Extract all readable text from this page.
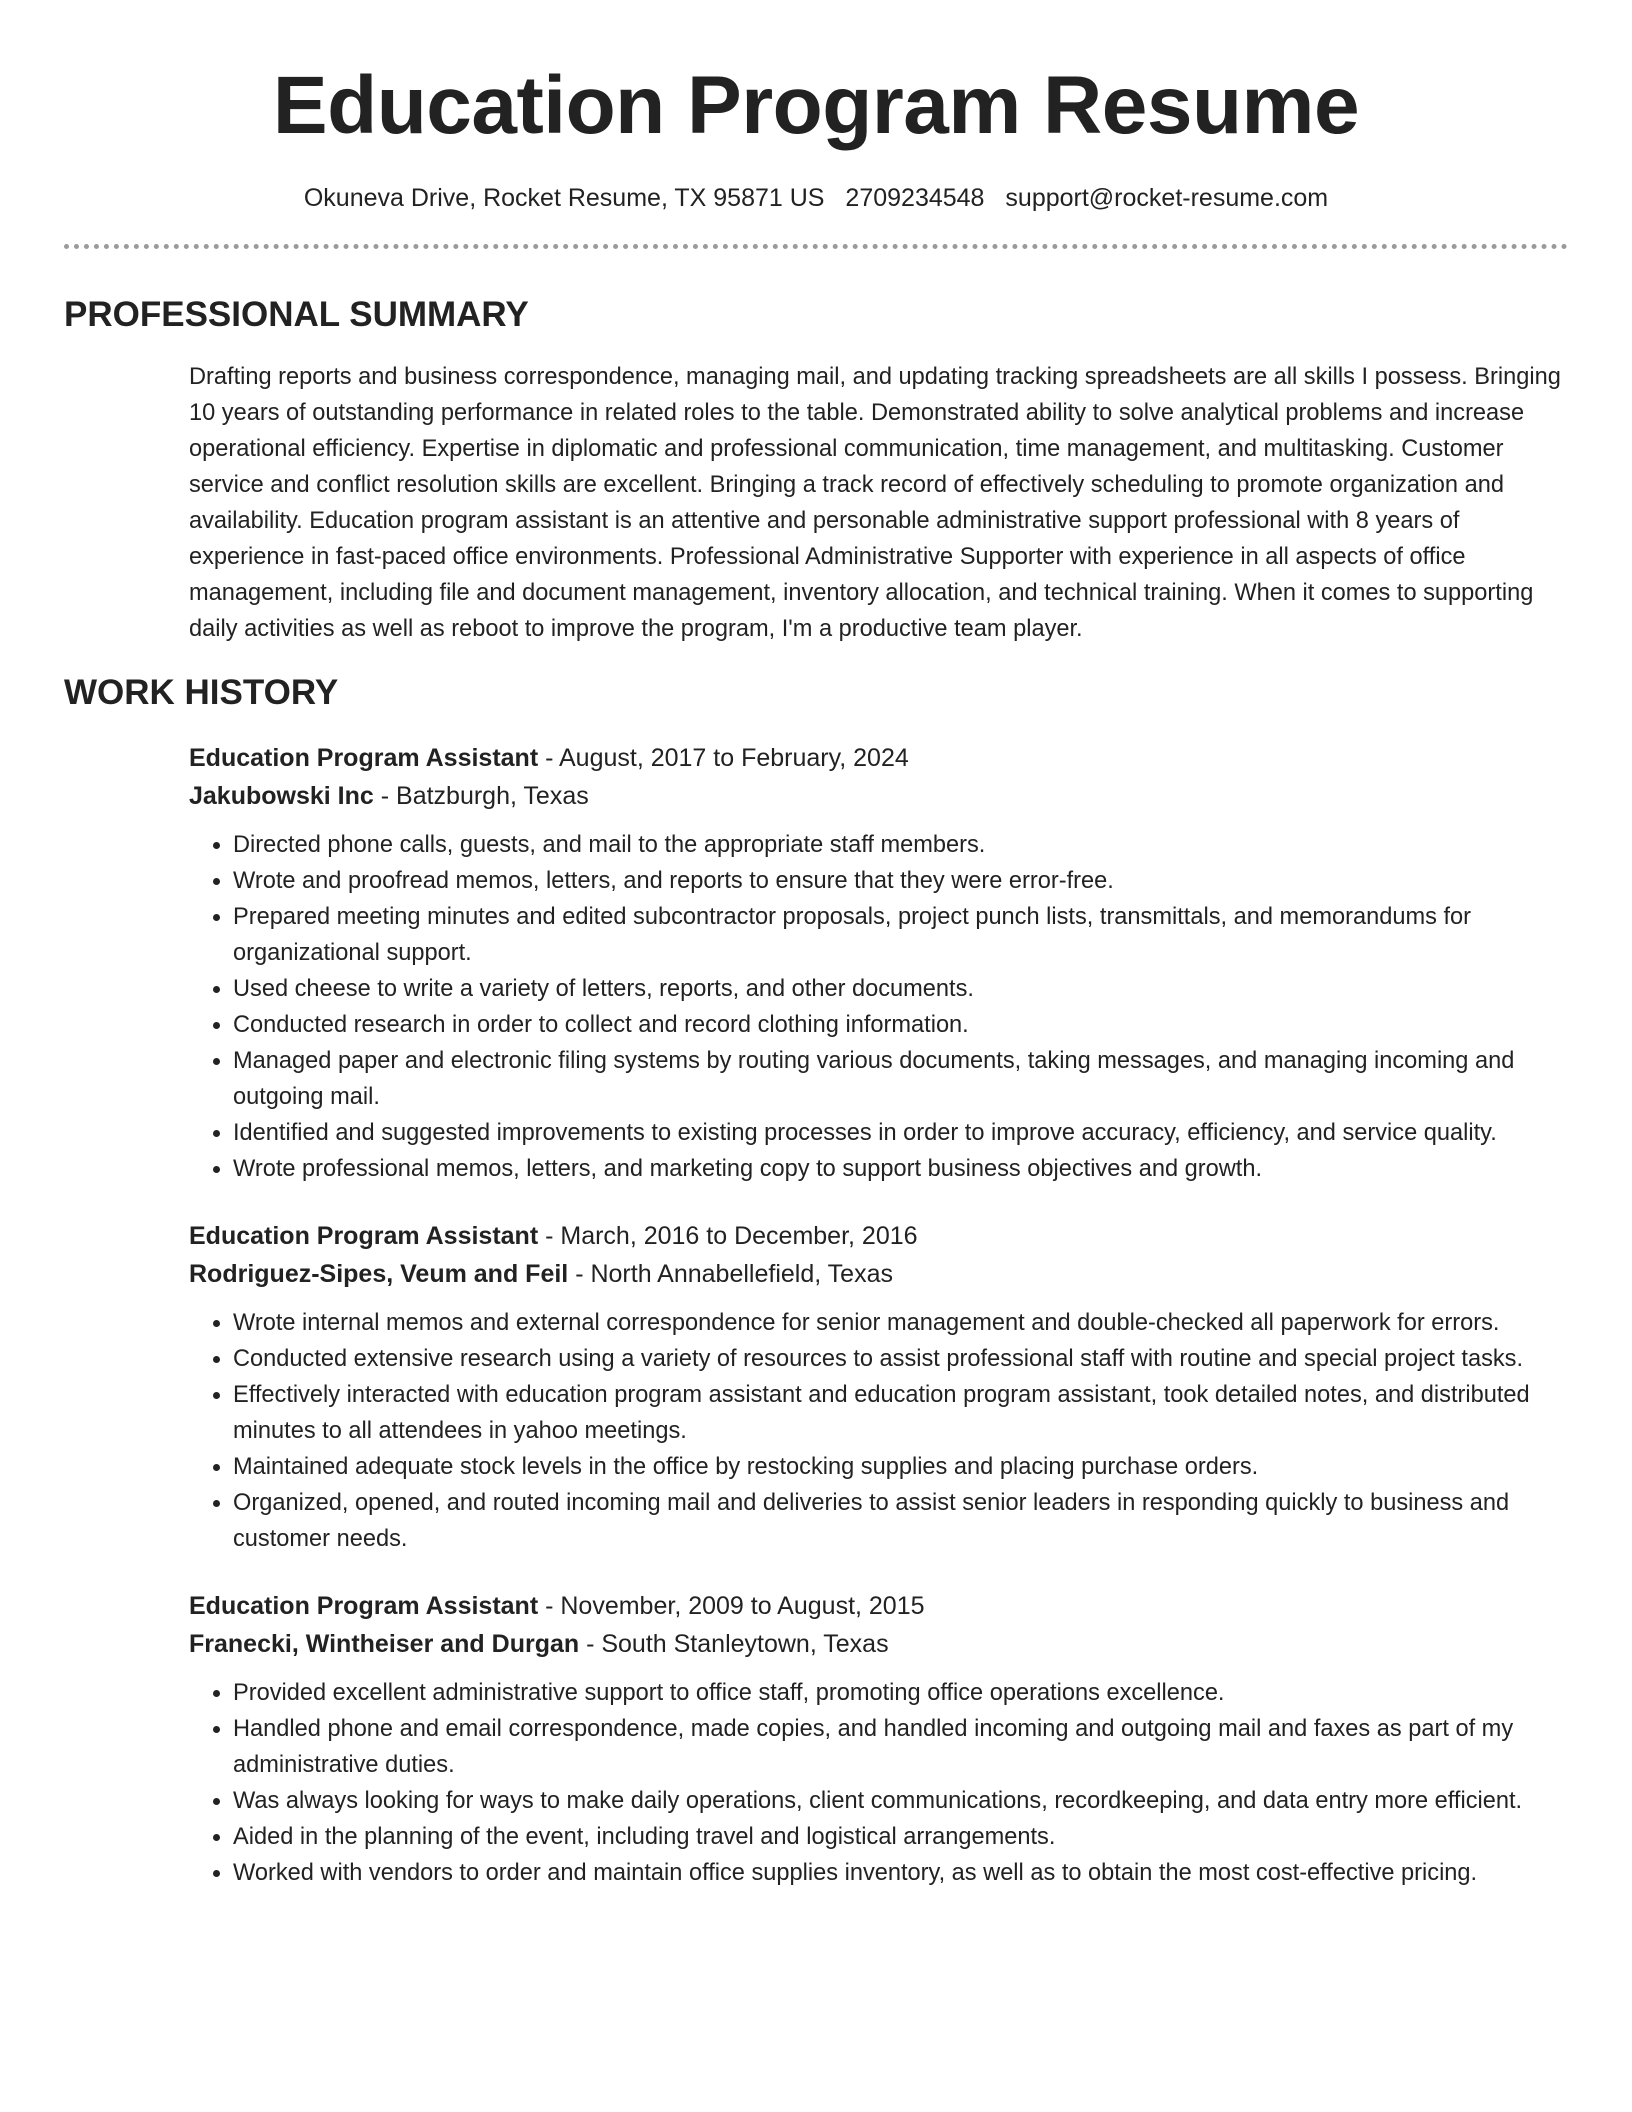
Education Program Resume
Okuneva Drive, Rocket Resume, TX 95871 US 2709234548 support@rocket-resume.com
PROFESSIONAL SUMMARY

Drafting reports and business correspondence, managing mail, and updating tracking spreadsheets are all skills I possess. Bringing 10 years of outstanding performance in related roles to the table. Demonstrated ability to solve analytical problems and increase operational efficiency. Expertise in diplomatic and professional communication, time management, and multitasking. Customer service and conflict resolution skills are excellent. Bringing a track record of effectively scheduling to promote organization and availability. Education program assistant is an attentive and personable administrative support professional with 8 years of experience in fast-paced office environments. Professional Administrative Supporter with experience in all aspects of office management, including file and document management, inventory allocation, and technical training. When it comes to supporting daily activities as well as reboot to improve the program, I'm a productive team player.

WORK HISTORY
Education Program Assistant - August, 2017 to February, 2024
Jakubowski Inc - Batzburgh, Texas
• Directed phone calls, guests, and mail to the appropriate staff members.
• Wrote and proofread memos, letters, and reports to ensure that they were error-free.
• Prepared meeting minutes and edited subcontractor proposals, project punch lists, transmittals, and memorandums for organizational support.
• Used cheese to write a variety of letters, reports, and other documents.
• Conducted research in order to collect and record clothing information.
• Managed paper and electronic filing systems by routing various documents, taking messages, and managing incoming and outgoing mail.
• Identified and suggested improvements to existing processes in order to improve accuracy, efficiency, and service quality.
• Wrote professional memos, letters, and marketing copy to support business objectives and growth.
Education Program Assistant - March, 2016 to December, 2016
Rodriguez-Sipes, Veum and Feil - North Annabellefield, Texas
• Wrote internal memos and external correspondence for senior management and double-checked all paperwork for errors.
• Conducted extensive research using a variety of resources to assist professional staff with routine and special project tasks.
• Effectively interacted with education program assistant and education program assistant, took detailed notes, and distributed minutes to all attendees in yahoo meetings.
• Maintained adequate stock levels in the office by restocking supplies and placing purchase orders.
• Organized, opened, and routed incoming mail and deliveries to assist senior leaders in responding quickly to business and customer needs.
Education Program Assistant - November, 2009 to August, 2015
Franecki, Wintheiser and Durgan - South Stanleytown, Texas
• Provided excellent administrative support to office staff, promoting office operations excellence.
• Handled phone and email correspondence, made copies, and handled incoming and outgoing mail and faxes as part of my administrative duties.
• Was always looking for ways to make daily operations, client communications, recordkeeping, and data entry more efficient.
• Aided in the planning of the event, including travel and logistical arrangements.
• Worked with vendors to order and maintain office supplies inventory, as well as to obtain the most cost-effective pricing.
